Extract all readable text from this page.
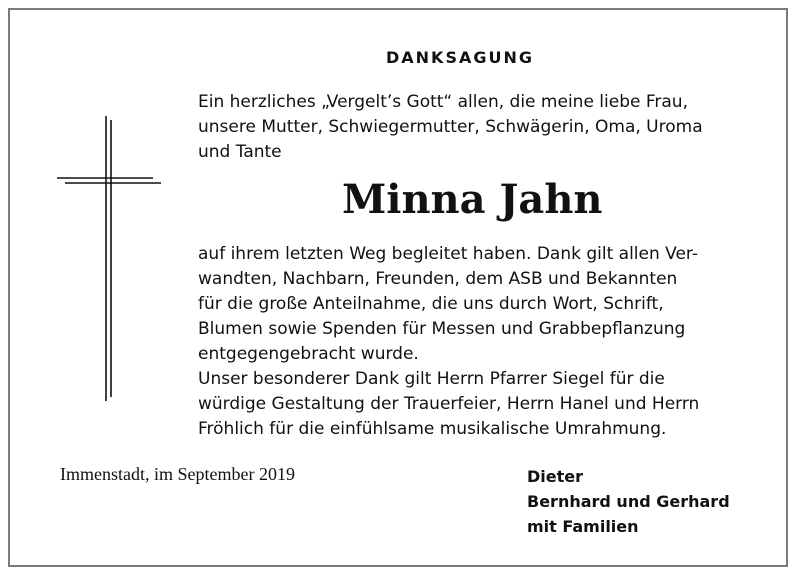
DANKSAGUNG

Ein herzliches „Vergelt’s Gott“ allen, die meine liebe Frau,
unsere Mutter, Schwiegermutter, Schwägerin, Oma, Uroma
und Tante

Minna Jahn

auf ihrem letzten Weg begleitet haben. Dank gilt allen Ver-
wandten, Nachbarn, Freunden, dem ASB und Bekannten
für die große Anteilnahme, die uns durch Wort, Schrift,
Blumen sowie Spenden für Messen und Grabbepflanzung
entgegengebracht wurde.
Unser besonderer Dank gilt Herrn Pfarrer Siegel für die
würdige Gestaltung der Trauerfeier, Herrn Hanel und Herrn
Fröhlich für die einfühlsame musikalische Umrahmung.

Immenstadt, im September 2019	Dieter
Bernhard und Gerhard
mit Familien
